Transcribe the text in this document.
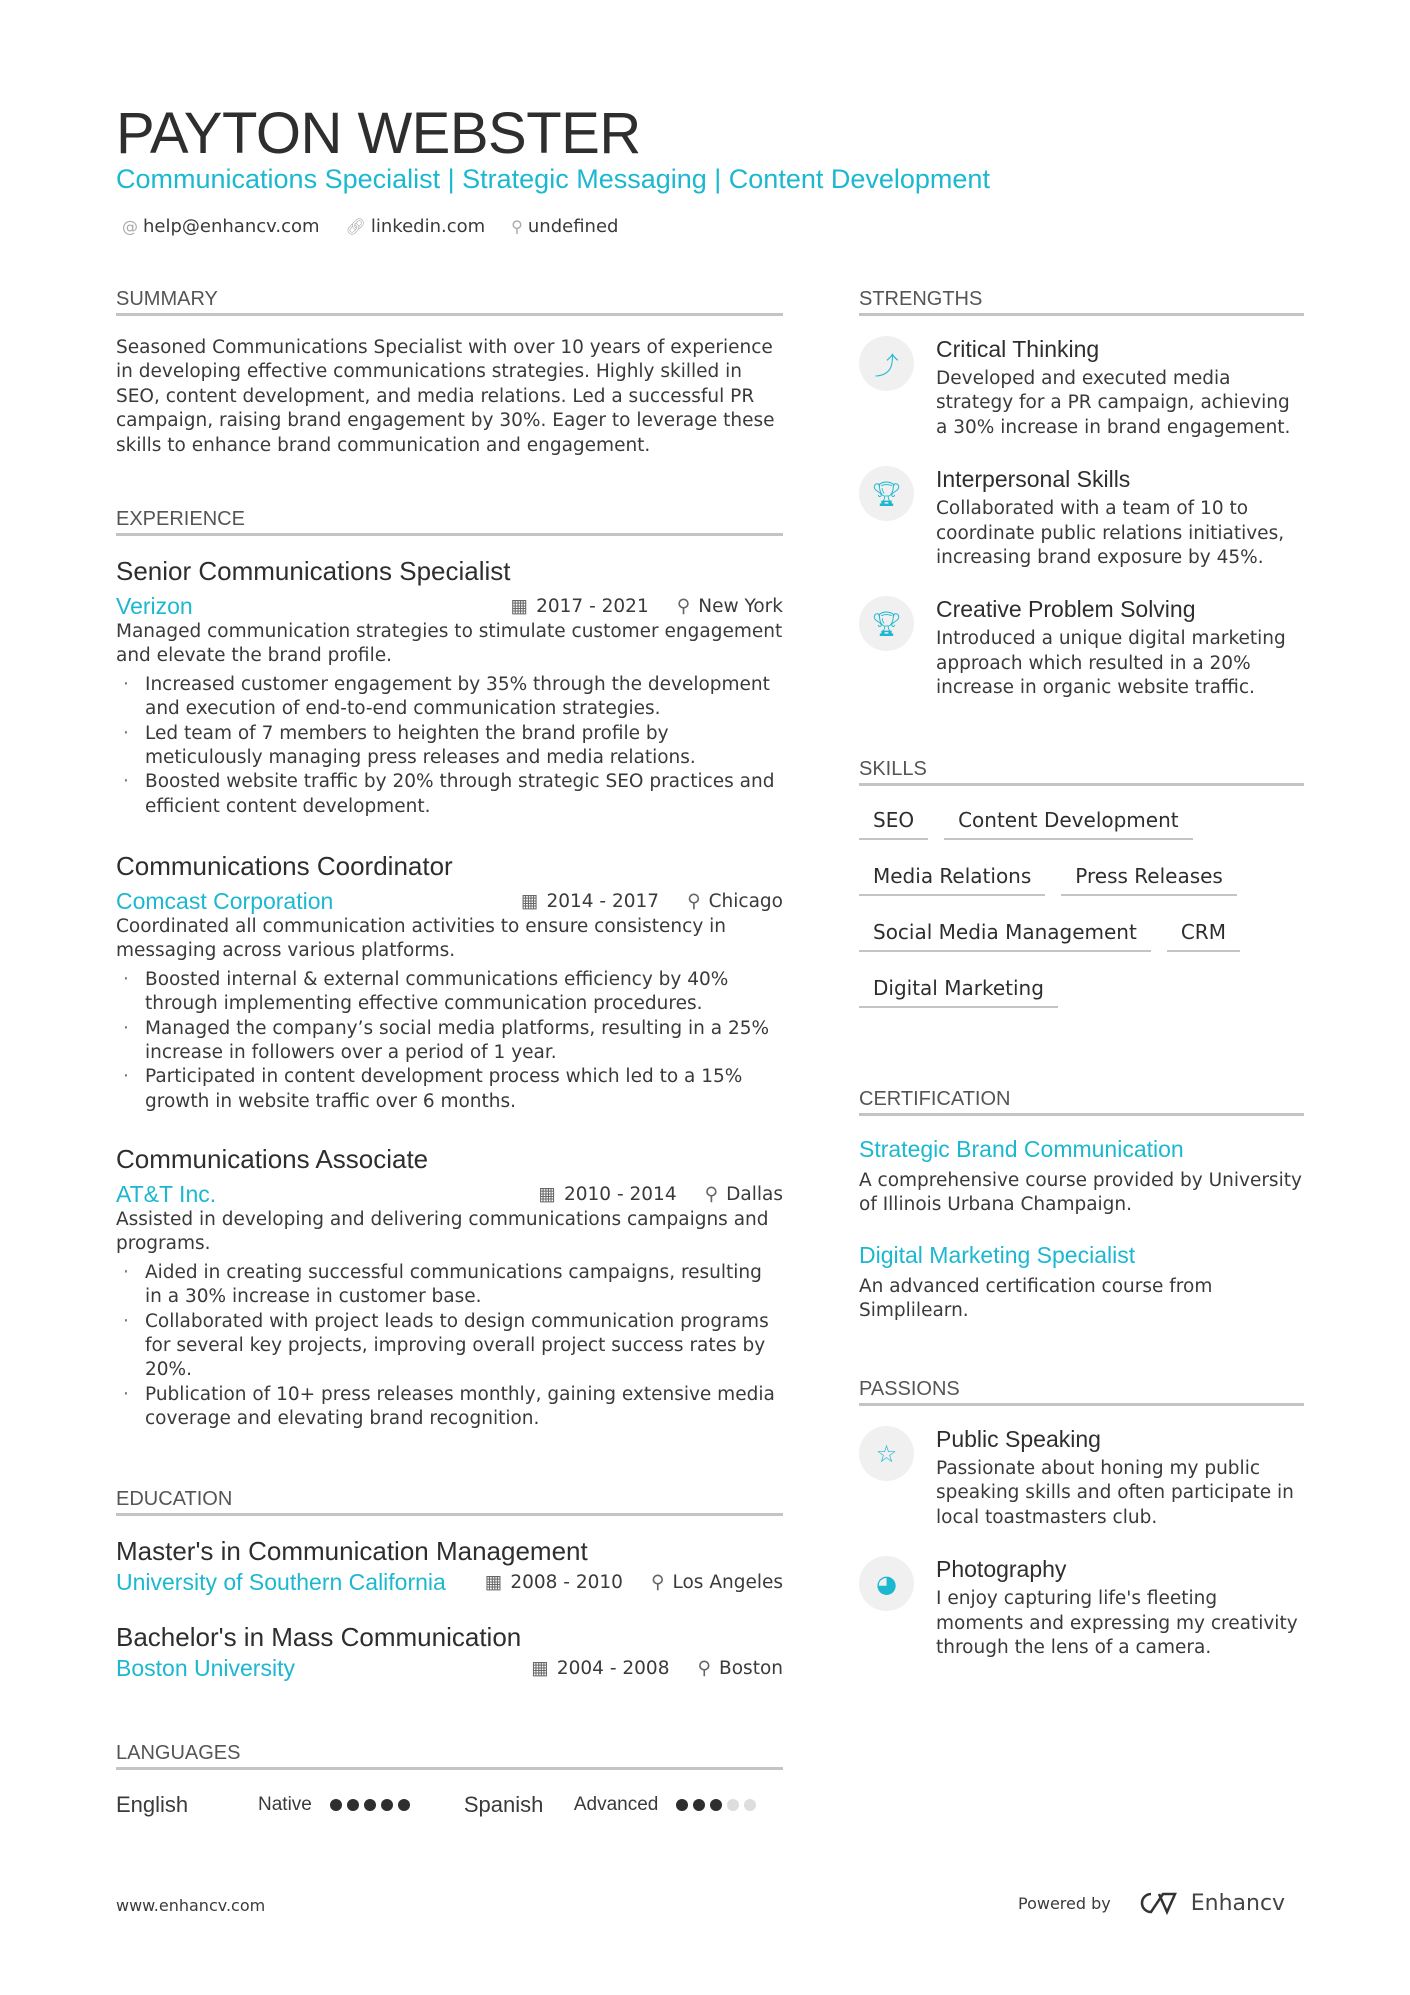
PAYTON WEBSTER
Communications Specialist | Strategic Messaging | Content Development
@ help@enhancv.com 🔗︎ linkedin.com ⚲ undefined
SUMMARY
Seasoned Communications Specialist with over 10 years of experience in developing effective communications strategies. Highly skilled in SEO, content development, and media relations. Led a successful PR campaign, raising brand engagement by 30%. Eager to leverage these skills to enhance brand communication and engagement.
EXPERIENCE
Senior Communications Specialist
Verizon	▦ 2017 - 2021 ⚲ New York
Managed communication strategies to stimulate customer engagement and elevate the brand profile.
· Increased customer engagement by 35% through the development and execution of end-to-end communication strategies.
· Led team of 7 members to heighten the brand profile by meticulously managing press releases and media relations.
· Boosted website traffic by 20% through strategic SEO practices and efficient content development.
Communications Coordinator
Comcast Corporation	▦ 2014 - 2017 ⚲ Chicago
Coordinated all communication activities to ensure consistency in messaging across various platforms.
· Boosted internal & external communications efficiency by 40% through implementing effective communication procedures.
· Managed the company’s social media platforms, resulting in a 25% increase in followers over a period of 1 year.
· Participated in content development process which led to a 15% growth in website traffic over 6 months.
Communications Associate
AT&T Inc.	▦ 2010 - 2014 ⚲ Dallas
Assisted in developing and delivering communications campaigns and programs.
· Aided in creating successful communications campaigns, resulting in a 30% increase in customer base.
· Collaborated with project leads to design communication programs for several key projects, improving overall project success rates by 20%.
· Publication of 10+ press releases monthly, gaining extensive media coverage and elevating brand recognition.
EDUCATION
Master's in Communication Management
University of Southern California ▦ 2008 - 2010 ⚲ Los Angeles
Bachelor's in Mass Communication
Boston University	▦ 2004 - 2008 ⚲ Boston
LANGUAGES
English	Native	Spanish	Advanced
STRENGTHS
⤴
Critical Thinking
Developed and executed media strategy for a PR campaign, achieving a 30% increase in brand engagement.
🏆︎
Interpersonal Skills
Collaborated with a team of 10 to coordinate public relations initiatives, increasing brand exposure by 45%.
🏆︎
Creative Problem Solving
Introduced a unique digital marketing approach which resulted in a 20% increase in organic website traffic.
SKILLS
SEO	Content Development
Media Relations	Press Releases
Social Media Management	CRM
Digital Marketing
CERTIFICATION
Strategic Brand Communication
A comprehensive course provided by University of Illinois Urbana Champaign.
Digital Marketing Specialist
An advanced certification course from Simplilearn.
PASSIONS
☆
Public Speaking
Passionate about honing my public speaking skills and often participate in local toastmasters club.
◕
Photography
I enjoy capturing life's fleeting moments and expressing my creativity through the lens of a camera.
www.enhancv.com	Powered by	Enhancv
